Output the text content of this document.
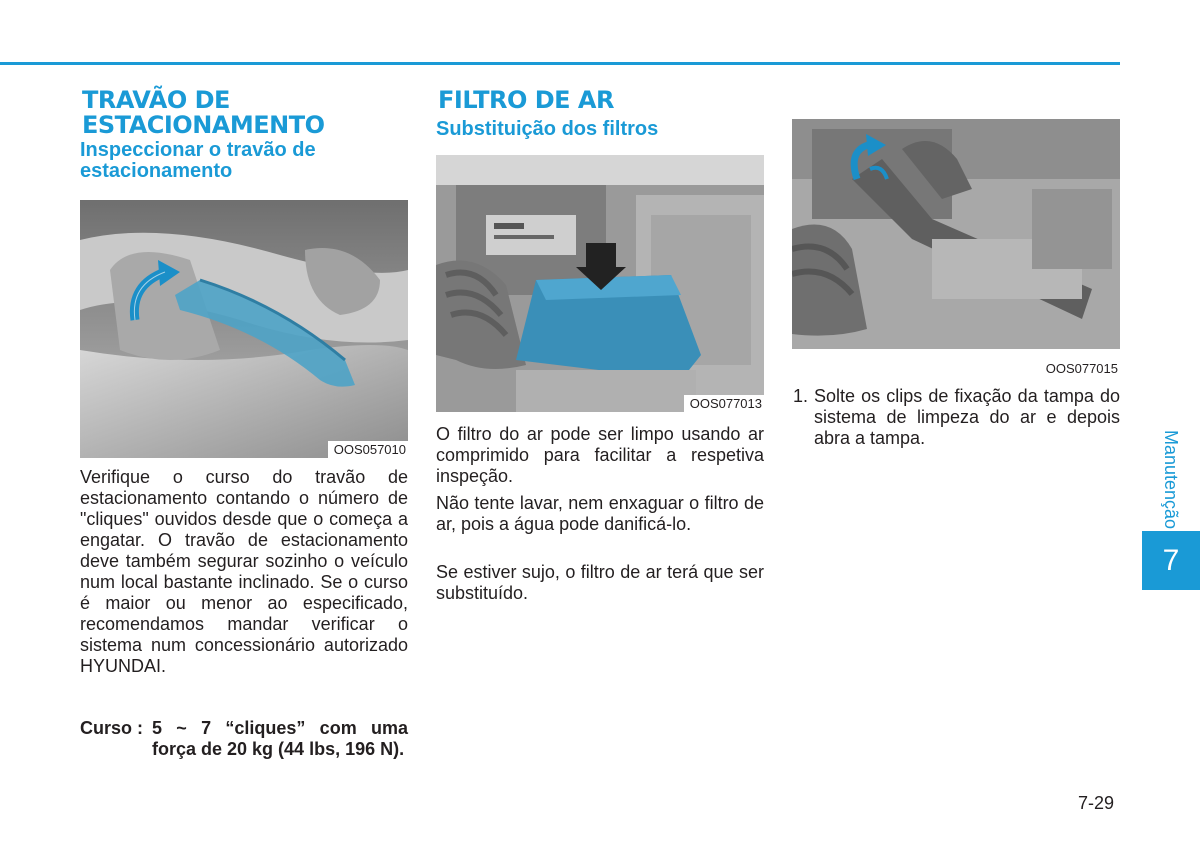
TRAVÃO DE
ESTACIONAMENTO
Inspeccionar o travão de estacionamento
OOS057010

Verifique o curso do travão de estacionamento contando o número de "cliques" ouvidos desde que o começa a engatar. O travão de estacionamento deve também segurar sozinho o veículo num local bastante inclinado. Se o curso é maior ou menor ao especificado, recomendamos mandar verificar o sistema num concessionário autorizado HYUNDAI.

Curso : 5 ~ 7 “cliques” com uma força de 20 kg (44 lbs, 196 N).
FILTRO DE AR
Substituição dos filtros
OOS077013

O filtro do ar pode ser limpo usando ar comprimido para facilitar a respetiva inspeção.

Não tente lavar, nem enxaguar o filtro de ar, pois a água pode danificá-lo.

Se estiver sujo, o filtro de ar terá que ser substituído.

OOS077015
1. Solte os clips de fixação da tampa do sistema de limpeza do ar e depois abra a tampa.	Manutenção
7
7-29
